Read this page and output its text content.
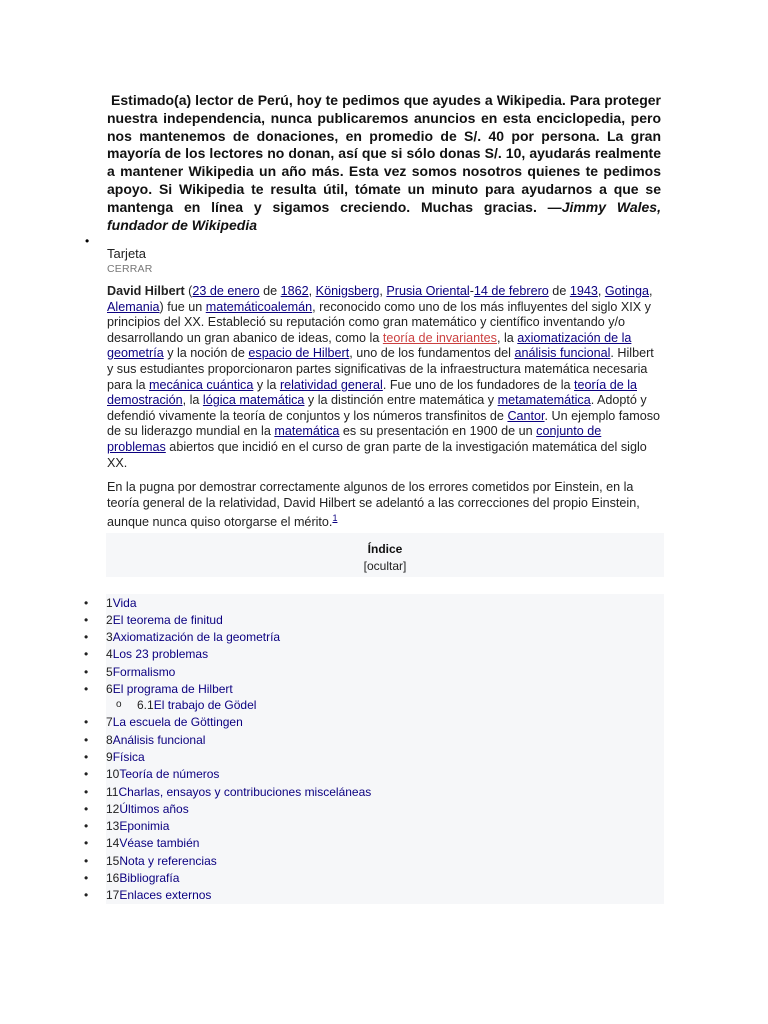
Estimado(a) lector de Perú, hoy te pedimos que ayudes a Wikipedia. Para proteger nuestra independencia, nunca publicaremos anuncios en esta enciclopedia, pero nos mantenemos de donaciones, en promedio de S/. 40 por persona. La gran mayoría de los lectores no donan, así que si sólo donas S/. 10, ayudarás realmente a mantener Wikipedia un año más. Esta vez somos nosotros quienes te pedimos apoyo. Si Wikipedia te resulta útil, tómate un minuto para ayudarnos a que se mantenga en línea y sigamos creciendo. Muchas gracias. —Jimmy Wales, fundador de Wikipedia
•
Tarjeta
CERRAR
David Hilbert (23 de enero de 1862, Königsberg, Prusia Oriental-14 de febrero de 1943, Gotinga, Alemania) fue un matemáticoalemán, reconocido como uno de los más influyentes del siglo XIX y principios del XX. Estableció su reputación como gran matemático y científico inventando y/o desarrollando un gran abanico de ideas, como la teoría de invariantes, la axiomatización de la geometría y la noción de espacio de Hilbert, uno de los fundamentos del análisis funcional. Hilbert y sus estudiantes proporcionaron partes significativas de la infraestructura matemática necesaria para la mecánica cuántica y la relatividad general. Fue uno de los fundadores de la teoría de la demostración, la lógica matemática y la distinción entre matemática y metamatemática. Adoptó y defendió vivamente la teoría de conjuntos y los números transfinitos de Cantor. Un ejemplo famoso de su liderazgo mundial en la matemática es su presentación en 1900 de un conjunto de problemas abiertos que incidió en el curso de gran parte de la investigación matemática del siglo XX.
En la pugna por demostrar correctamente algunos de los errores cometidos por Einstein, en la teoría general de la relatividad, David Hilbert se adelantó a las correcciones del propio Einstein, aunque nunca quiso otorgarse el mérito.$^1$
Índice
[ocultar]
• 1Vida
• 2El teorema de finitud
• 3Axiomatización de la geometría
• 4Los 23 problemas
• 5Formalismo
• 6El programa de Hilbert
o 6.1El trabajo de Gödel
• 7La escuela de Göttingen
• 8Análisis funcional
• 9Física
• 10Teoría de números
• 11Charlas, ensayos y contribuciones misceláneas
• 12Últimos años
• 13Eponimia
• 14Véase también
• 15Nota y referencias
• 16Bibliografía
• 17Enlaces externos
